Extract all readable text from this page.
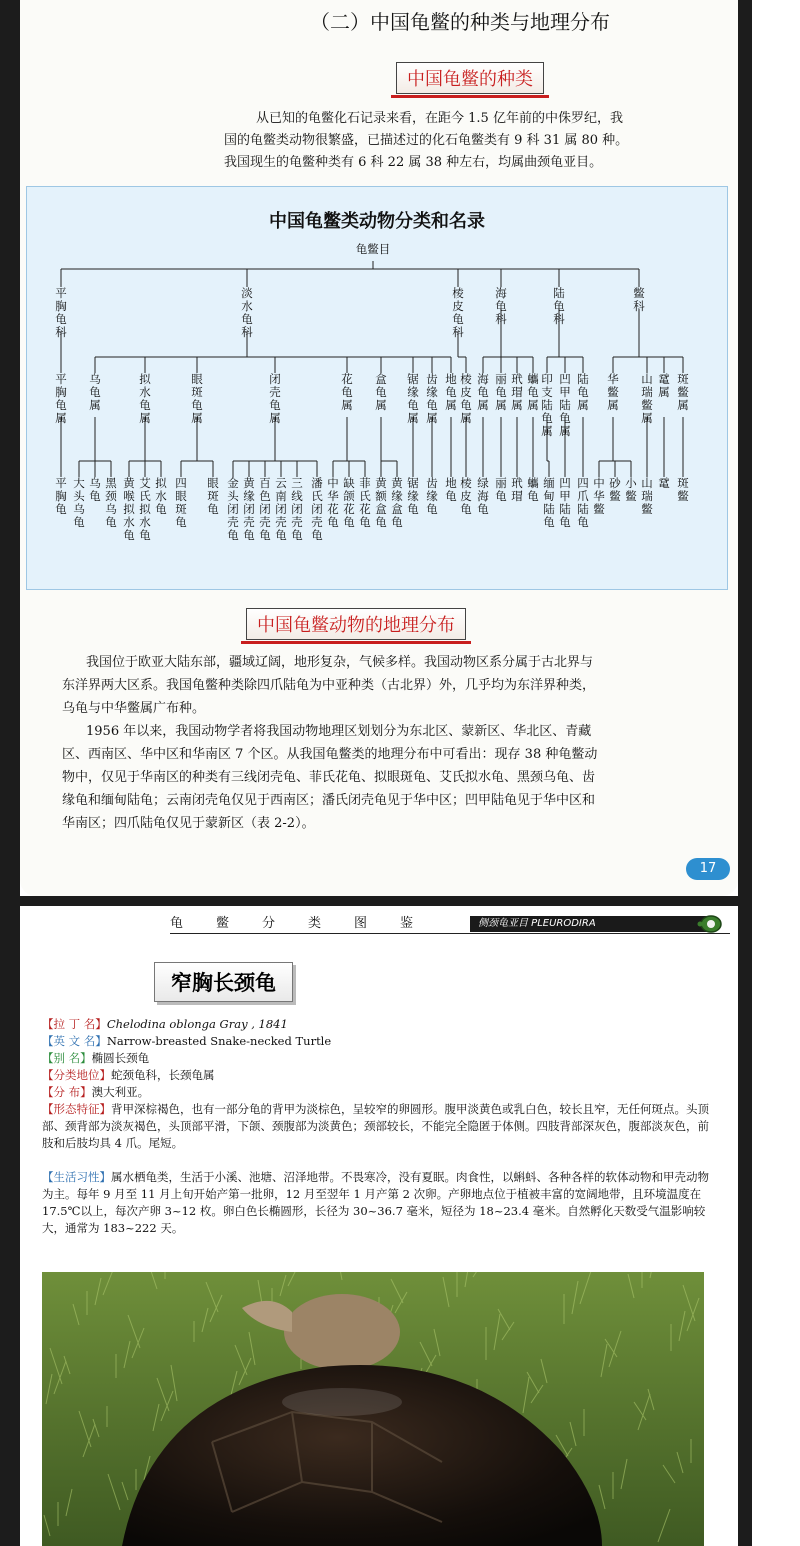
（二）中国龟鳖的种类与地理分布
中国龟鳖的种类
从已知的龟鳖化石记录来看，在距今 1.5 亿年前的中侏罗纪，我
国的龟鳖类动物很繁盛，已描述过的化石龟鳖类有 9 科 31 属 80 种。
我国现生的龟鳖种类有 6 科 22 属 38 种左右，均属曲颈龟亚目。
中国龟鳖类动物分类和名录
龟鳖目
平胸龟科
淡水龟科
棱皮龟科
海龟科
陆龟科
鳖科
平胸龟属
乌龟属
拟水龟属
眼斑龟属
闭壳龟属
花龟属
盒龟属
锯缘龟属
齿缘龟属
地龟属
棱皮龟属
海龟属
丽龟属
玳瑁属
蠵龟属
印支陆龟属
凹甲陆龟属
陆龟属
华鳖属
山瑞鳖属
鼋属
斑鳖属
平胸龟
大头乌龟
乌龟
黑颈乌龟
黄喉拟水龟
艾氏拟水龟
拟水龟
四眼斑龟
眼斑龟
金头闭壳龟
黄缘闭壳龟
百色闭壳龟
云南闭壳龟
三线闭壳龟
潘氏闭壳龟
中华花龟
缺颌花龟
菲氏花龟
黄额盒龟
黄缘盒龟
锯缘龟
齿缘龟
地龟
棱皮龟
绿海龟
丽龟
玳瑁
蠵龟
缅甸陆龟
凹甲陆龟
四爪陆龟
中华鳖
砂鳖
小鳖
山瑞鳖
鼋 斑鳖
中国龟鳖动物的地理分布
我国位于欧亚大陆东部，疆域辽阔，地形复杂，气候多样。我国动物区系分属于古北界与
东洋界两大区系。我国龟鳖种类除四爪陆龟为中亚种类（古北界）外，几乎均为东洋界种类，
乌龟与中华鳖属广布种。
1956 年以来，我国动物学者将我国动物地理区划划分为东北区、蒙新区、华北区、青藏
区、西南区、华中区和华南区 7 个区。从我国龟鳖类的地理分布中可看出：现存 38 种龟鳖动
物中，仅见于华南区的种类有三线闭壳龟、菲氏花龟、拟眼斑龟、艾氏拟水龟、黑颈乌龟、齿
缘龟和缅甸陆龟；云南闭壳龟仅见于西南区；潘氏闭壳龟见于华中区；凹甲陆龟见于华中区和
华南区；四爪陆龟仅见于蒙新区（表 2-2）。
17
龟鳖分类图鉴	侧颈龟亚目 PLEURODIRA
窄胸长颈龟
【拉 丁 名】Chelodina oblonga Gray , 1841
【英 文 名】Narrow-breasted Snake-necked Turtle
【别 名】椭圆长颈龟
【分类地位】蛇颈龟科，长颈龟属
【分 布】澳大利亚。
【形态特征】背甲深棕褐色，也有一部分龟的背甲为淡棕色，呈较窄的卵圆形。腹甲淡黄色或乳白色，较长且窄，无任何斑点。头顶部、颈背部为淡灰褐色，头顶部平滑，下颌、颈腹部为淡黄色；颈部较长，不能完全隐匿于体侧。四肢背部深灰色，腹部淡灰色，前肢和后肢均具 4 爪。尾短。
【生活习性】属水栖龟类，生活于小溪、池塘、沼泽地带。不畏寒冷，没有夏眠。肉食性，以蝌蚪、各种各样的软体动物和甲壳动物为主。每年 9 月至 11 月上旬开始产第一批卵，12 月至翌年 1 月产第 2 次卵。产卵地点位于植被丰富的宽阔地带，且环境温度在 17.5℃以上，每次产卵 3~12 枚。卵白色长椭圆形，长径为 30~36.7 毫米，短径为 18~23.4 毫米。自然孵化天数受气温影响较大，通常为 183~222 天。
